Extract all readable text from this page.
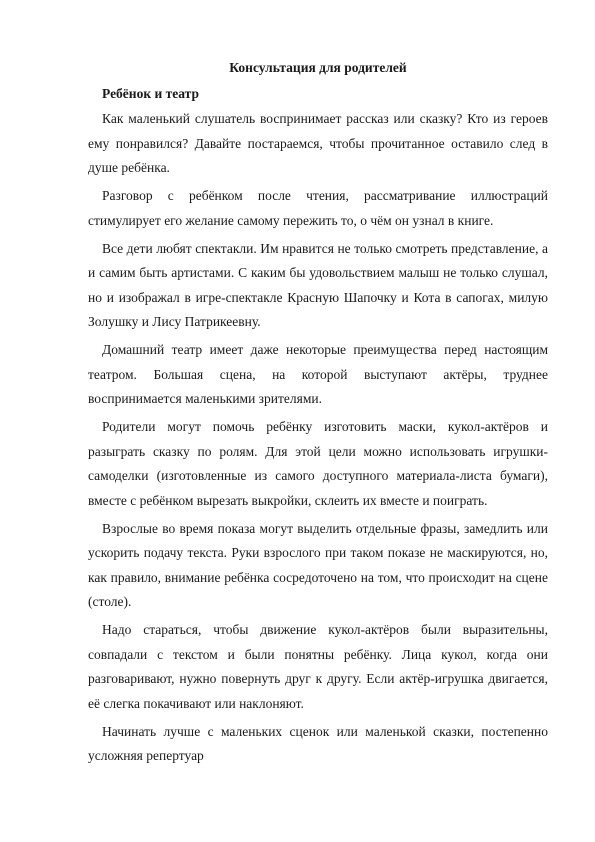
Консультация для родителей
Ребёнок и театр

Как маленький слушатель воспринимает рассказ или сказку? Кто из героев ему понравился? Давайте постараемся, чтобы прочитанное оставило след в душе ребёнка.

Разговор с ребёнком после чтения, рассматривание иллюстраций стимулирует его желание самому пережить то, о чём он узнал в книге.

Все дети любят спектакли. Им нравится не только смотреть представление, а и самим быть артистами. С каким бы удовольствием малыш не только слушал, но и изображал в игре-спектакле Красную Шапочку и Кота в сапогах, милую Золушку и Лису Патрикеевну.

Домашний театр имеет даже некоторые преимущества перед настоящим театром. Большая сцена, на которой выступают актёры, труднее воспринимается маленькими зрителями.

Родители могут помочь ребёнку изготовить маски, кукол-актёров и разыграть сказку по ролям. Для этой цели можно использовать игрушки-самоделки (изготовленные из самого доступного материала-листа бумаги), вместе с ребёнком вырезать выкройки, склеить их вместе и поиграть.

Взрослые во время показа могут выделить отдельные фразы, замедлить или ускорить подачу текста. Руки взрослого при таком показе не маскируются, но, как правило, внимание ребёнка сосредоточено на том, что происходит на сцене (столе).

Надо стараться, чтобы движение кукол-актёров были выразительны, совпадали с текстом и были понятны ребёнку. Лица кукол, когда они разговаривают, нужно повернуть друг к другу. Если актёр-игрушка двигается, её слегка покачивают или наклоняют.

Начинать лучше с маленьких сценок или маленькой сказки, постепенно усложняя репертуар
